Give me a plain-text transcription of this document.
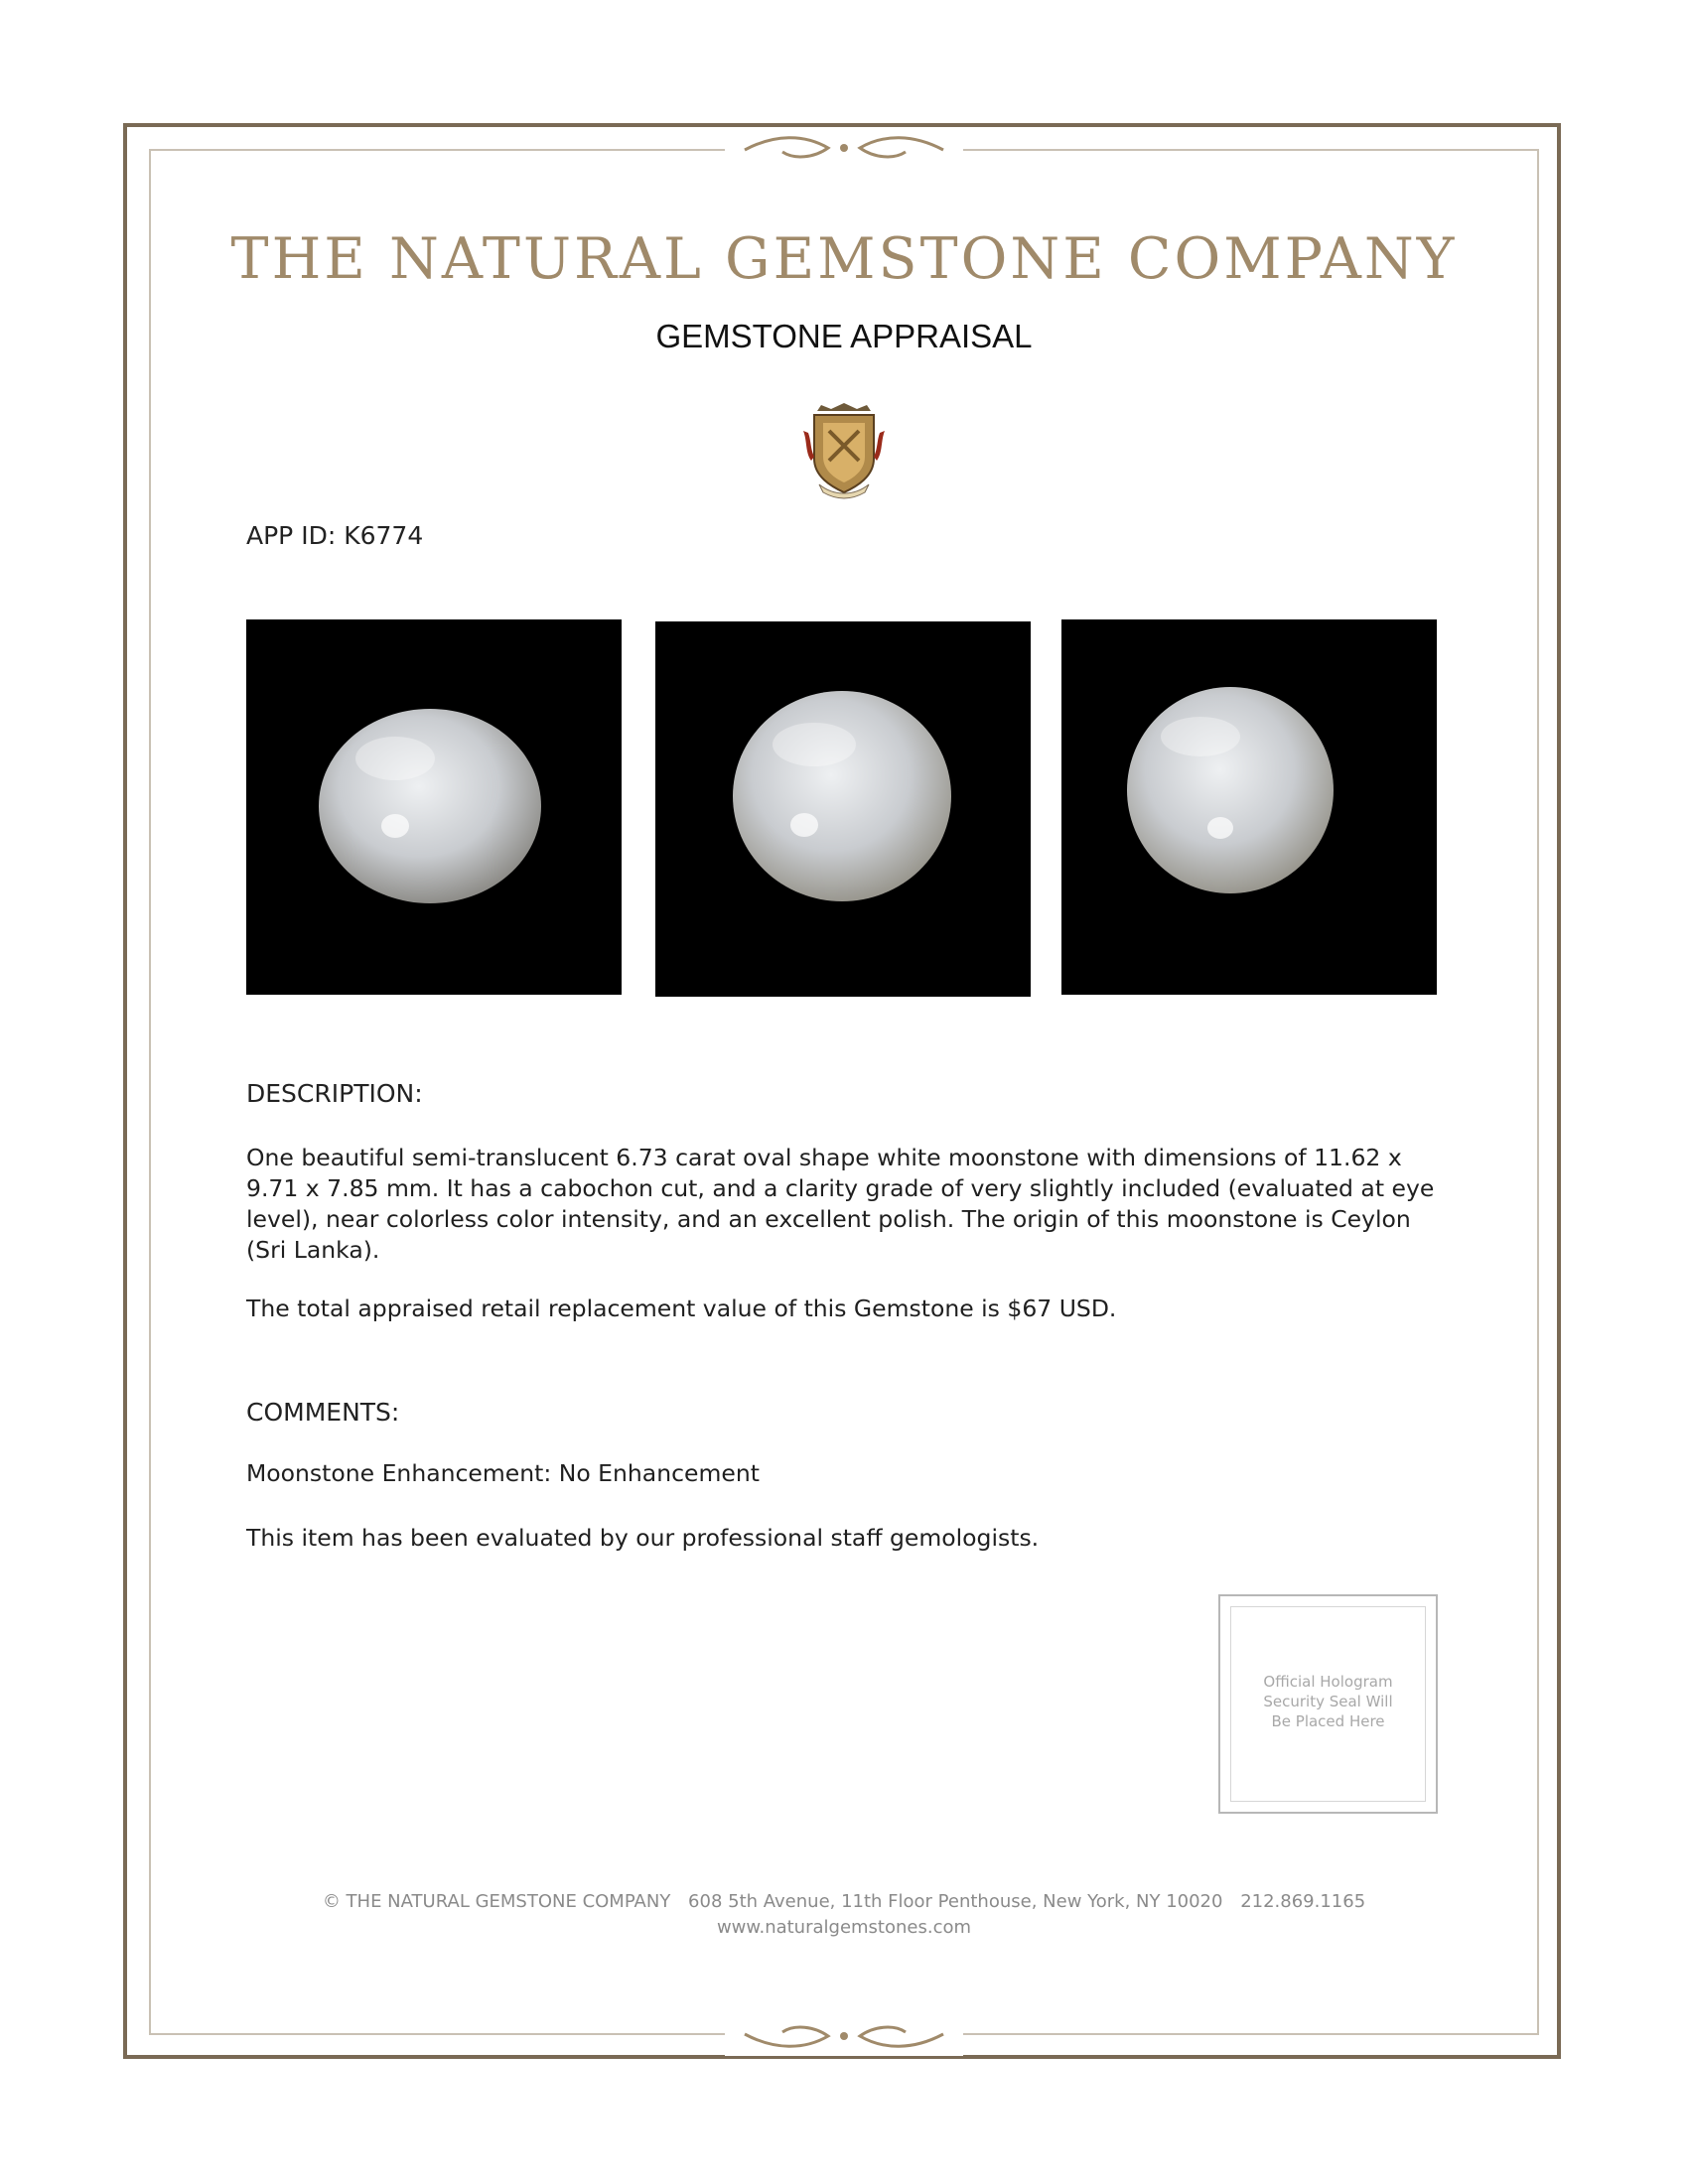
THE NATURAL GEMSTONE COMPANY
GEMSTONE APPRAISAL
APP ID: K6774
DESCRIPTION:
One beautiful semi-translucent 6.73 carat oval shape white moonstone with dimensions of 11.62 x 9.71 x 7.85 mm. It has a cabochon cut, and a clarity grade of very slightly included (evaluated at eye level), near colorless color intensity, and an excellent polish. The origin of this moonstone is Ceylon (Sri Lanka).
The total appraised retail replacement value of this Gemstone is $67 USD.
COMMENTS:
Moonstone Enhancement: No Enhancement
This item has been evaluated by our professional staff gemologists.
Official Hologram
Security Seal Will
Be Placed Here
© THE NATURAL GEMSTONE COMPANY 608 5th Avenue, 11th Floor Penthouse, New York, NY 10020 212.869.1165
www.naturalgemstones.com
